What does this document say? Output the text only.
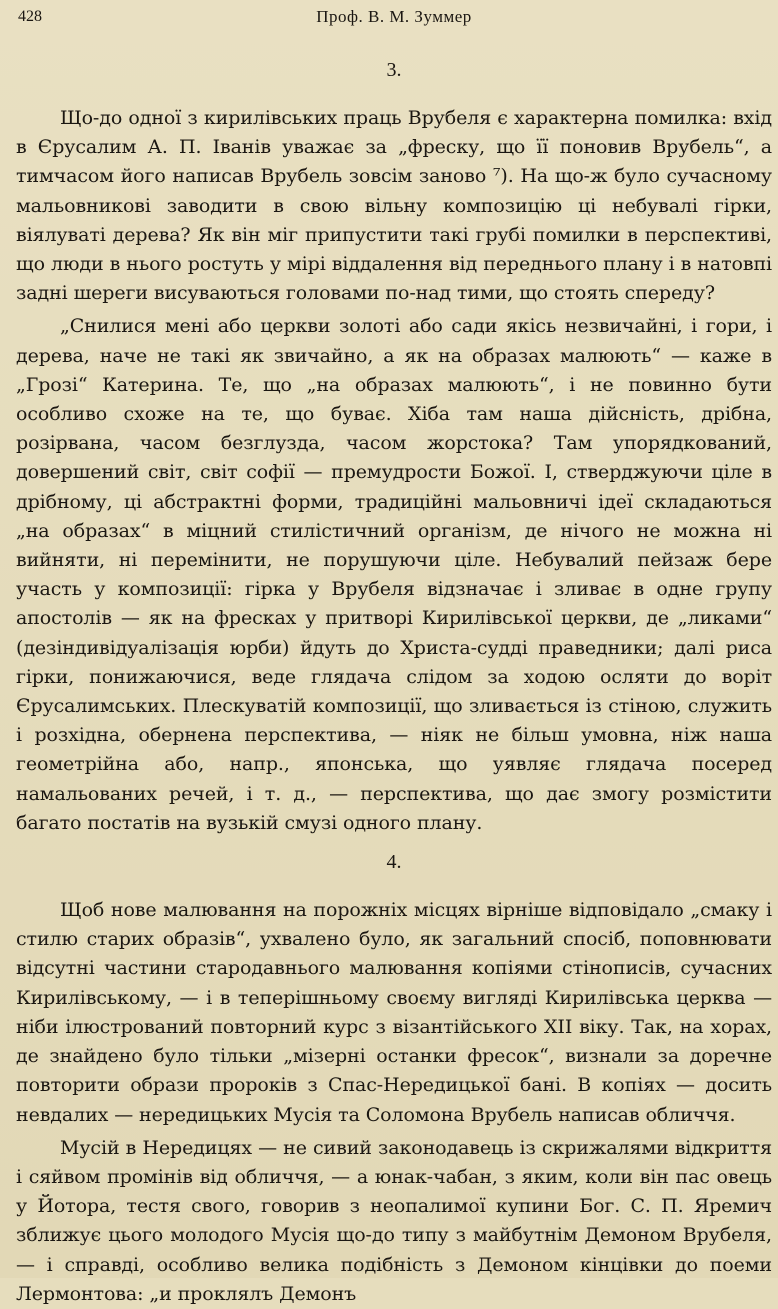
428	Проф. В. М. Зуммер
3.

Що-до одної з кирилівських праць Врубеля є характерна помилка: вхід в Єрусалим А. П. Іванів уважає за „фреску, що її поновив Врубель“, а тимчасом його написав Врубель зовсім заново ⁷). На що-ж було сучасному мальовникові заводити в свою вільну композицію ці небувалі гірки, віялуваті дерева? Як він міг припустити такі грубі помилки в перспективі, що люди в нього ростуть у мірі віддалення від переднього плану і в натовпі задні шереги висуваються головами по-над тими, що стоять спереду?

„Снилися мені або церкви золоті або сади якісь незвичайні, і гори, і дерева, наче не такі як звичайно, а як на образах малюють“ — каже в „Грозі“ Катерина. Те, що „на образах малюють“, і не повинно бути особливо схоже на те, що буває. Хіба там наша дійсність, дрібна, розірвана, часом безглузда, часом жорстока? Там упорядкований, довершений світ, світ софії — премудрости Божої. І, стверджуючи ціле в дрібному, ці абстрактні форми, традиційні мальовничі ідеї складаються „на образах“ в міцний стилістичний організм, де нічого не можна ні вийняти, ні перемінити, не порушуючи ціле. Небувалий пейзаж бере участь у композиції: гірка у Врубеля відзначає і зливає в одне групу апостолів — як на фресках у притворі Кирилівської церкви, де „ликами“ (дезіндивідуалізація юрби) йдуть до Христа-судді праведники; далі риса гірки, понижаючися, веде глядача слідом за ходою осляти до воріт Єрусалимських. Плескуватій композиції, що зливається із стіною, служить і розхідна, обернена перспектива, — ніяк не більш умовна, ніж наша геометрійна або, напр., японська, що уявляє глядача посеред намальованих речей, і т. д., — перспектива, що дає змогу розмістити багато постатів на вузькій смузі одного плану.

4.

Щоб нове малювання на порожніх місцях вірніше відповідало „смаку і стилю старих образів“, ухвалено було, як загальний спосіб, поповнювати відсутні частини стародавнього малювання копіями стінописів, сучасних Кирилівському, — і в теперішньому своєму вигляді Кирилівська церква — ніби ілюстрований повторний курс з візантійського XII віку. Так, на хорах, де знайдено було тільки „мізерні останки фресок“, визнали за доречне повторити образи пророків з Спас-Нередицької бані. В копіях — досить невдалих — нередицьких Мусія та Соломона Врубель написав обличчя.

Мусій в Нередицях — не сивий законодавець із скрижалями відкриття і сяйвом промінів від обличчя, — а юнак-чабан, з яким, коли він пас овець у Йотора, тестя свого, говорив з неопалимої купини Бог. С. П. Яремич зближує цього молодого Мусія що-до типу з майбутнім Демоном Врубеля, — і справді, особливо велика подібність з Демоном кінцівки до поеми Лермонтова: „и проклялъ Демонъ
